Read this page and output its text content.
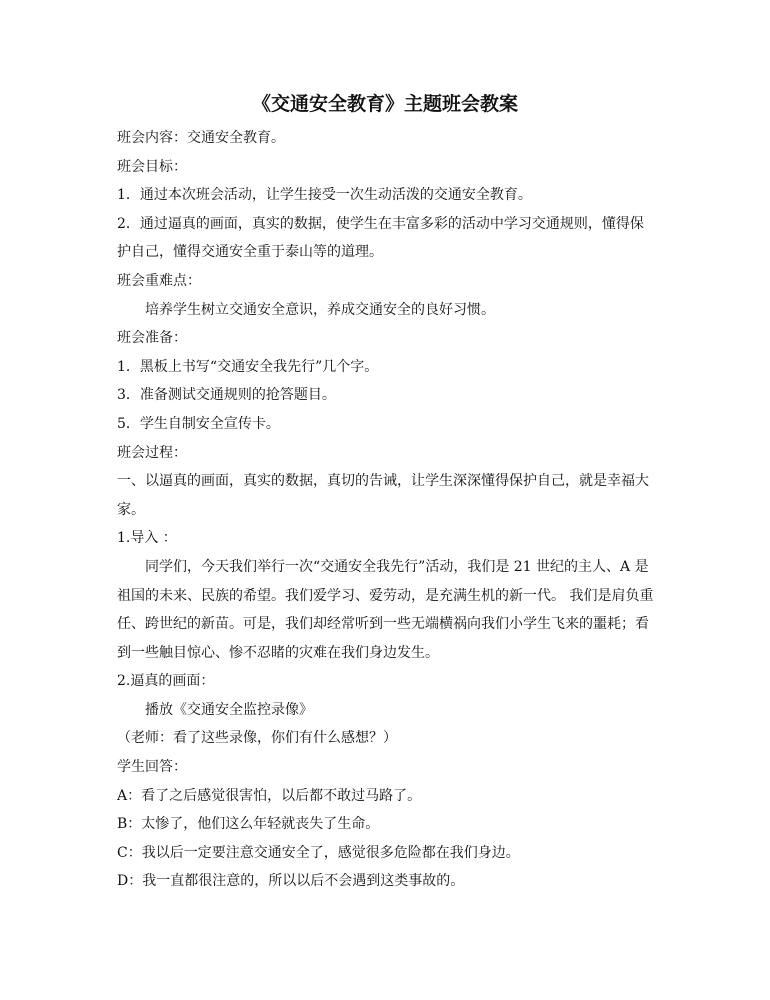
《交通安全教育》主题班会教案

班会内容：交通安全教育。

班会目标：

1．通过本次班会活动，让学生接受一次生动活泼的交通安全教育。

2．通过逼真的画面，真实的数据，使学生在丰富多彩的活动中学习交通规则，懂得保护自己，懂得交通安全重于泰山等的道理。

班会重难点：

培养学生树立交通安全意识，养成交通安全的良好习惯。

班会准备：

1．黑板上书写“交通安全我先行”几个字。

3．准备测试交通规则的抢答题目。

5．学生自制安全宣传卡。

班会过程：

一、以逼真的画面，真实的数据，真切的告诫，让学生深深懂得保护自己，就是幸福大家。

1.导入 ：

同学们，今天我们举行一次“交通安全我先行”活动，我们是 21 世纪的主人、A 是祖国的未来、民族的希望。我们爱学习、爱劳动，是充满生机的新一代。 我们是肩负重任、跨世纪的新苗。可是，我们却经常听到一些无端横祸向我们小学生飞来的噩耗；看到一些触目惊心、惨不忍睹的灾难在我们身边发生。

2.逼真的画面：

播放《交通安全监控录像》

（老师：看了这些录像，你们有什么感想？）

学生回答：

A：看了之后感觉很害怕，以后都不敢过马路了。

B：太惨了，他们这么年轻就丧失了生命。

C：我以后一定要注意交通安全了，感觉很多危险都在我们身边。

D：我一直都很注意的，所以以后不会遇到这类事故的。
